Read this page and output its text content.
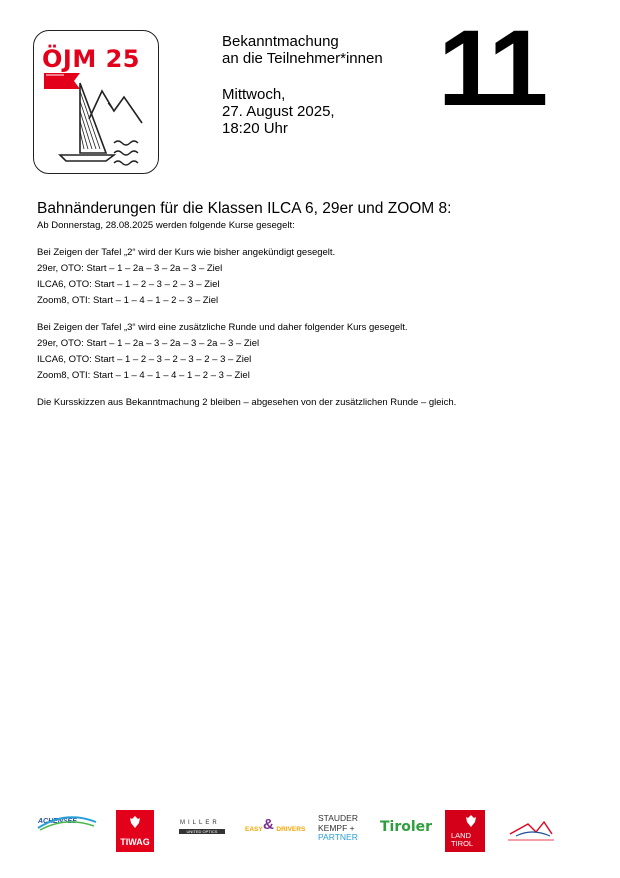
ÖJM 25
Bekanntmachung
an die Teilnehmer*innen
Mittwoch,
27. August 2025,
18:20 Uhr
11
Bahnänderungen für die Klassen ILCA 6, 29er und ZOOM 8:
Ab Donnerstag, 28.08.2025 werden folgende Kurse gesegelt:
Bei Zeigen der Tafel „2“ wird der Kurs wie bisher angekündigt gesegelt.
29er, OTO: Start – 1 – 2a – 3 – 2a – 3 – Ziel
ILCA6, OTO: Start – 1 – 2 – 3 – 2 – 3 – Ziel
Zoom8, OTI: Start – 1 – 4 – 1 – 2 – 3 – Ziel
Bei Zeigen der Tafel „3“ wird eine zusätzliche Runde und daher folgender Kurs gesegelt.
29er, OTO: Start – 1 – 2a – 3 – 2a – 3 – 2a – 3 – Ziel
ILCA6, OTO: Start – 1 – 2 – 3 – 2 – 3 – 2 – 3 – Ziel
Zoom8, OTI: Start – 1 – 4 – 1 – 4 – 1 – 2 – 3 – Ziel
Die Kursskizzen aus Bekanntmachung 2 bleiben – abgesehen von der zusätzlichen Runde – gleich.
ACHENSEE
TIWAG
MILLER
UNITED OPTICS	EASY DRIVERS
&	STAUDER
KEMPF +
PARTNER
Tiroler
LAND
TIROL
